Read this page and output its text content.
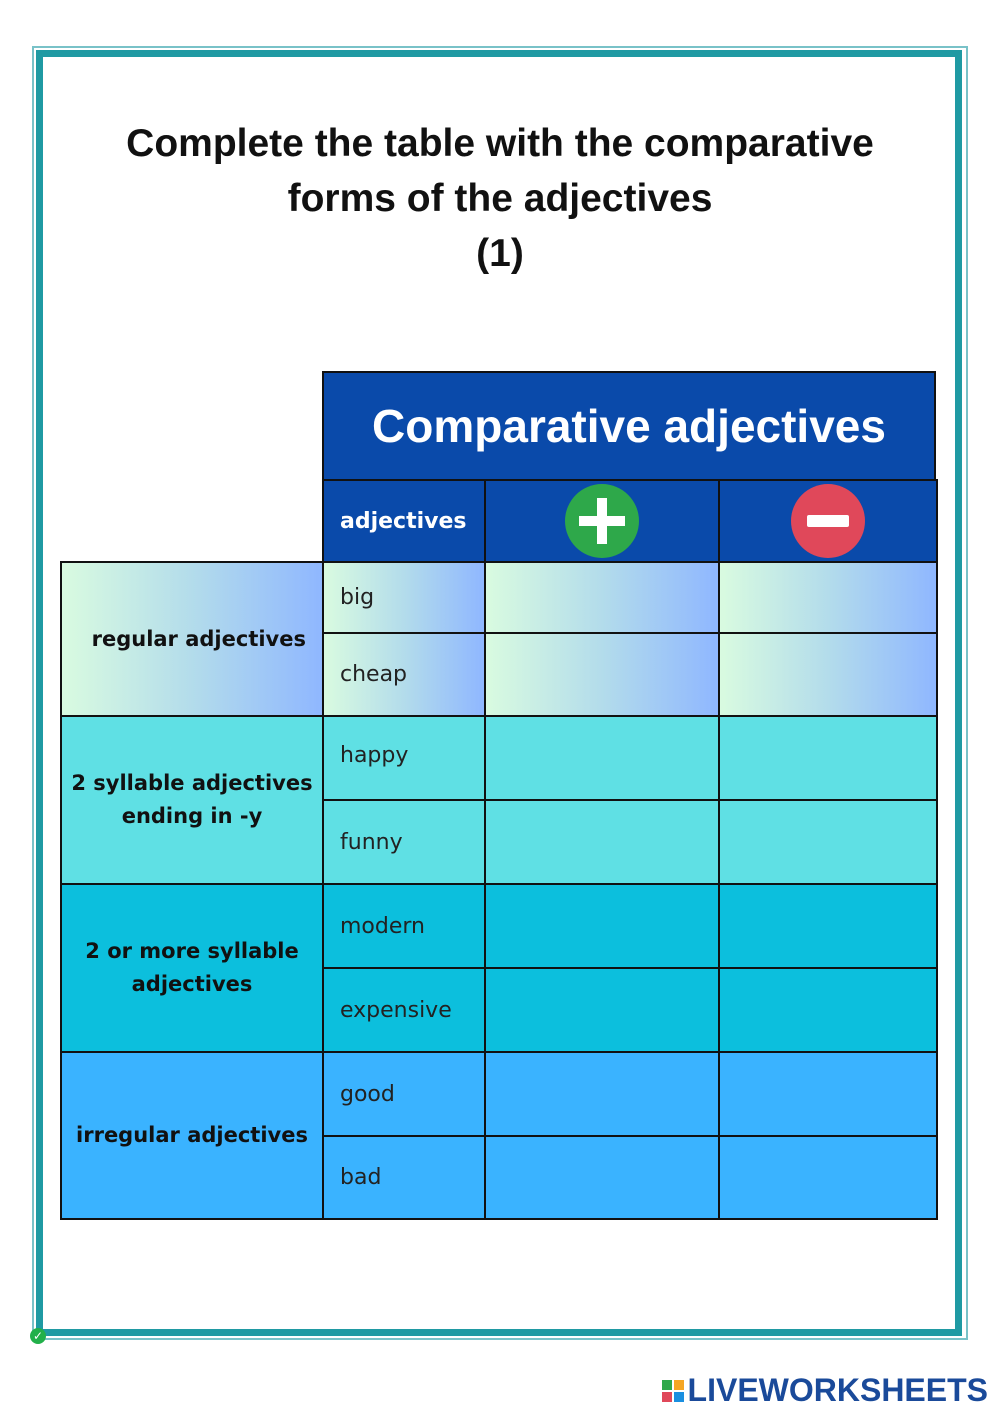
Complete the table with the comparative
forms of the adjectives
(1)
Comparative adjectives
adjectives
regular adjectives
big
cheap
2 syllable adjectives ending in -y
happy
funny
2 or more syllable adjectives
modern
expensive
irregular adjectives
good
bad
✓
LIVEWORKSHEETS
